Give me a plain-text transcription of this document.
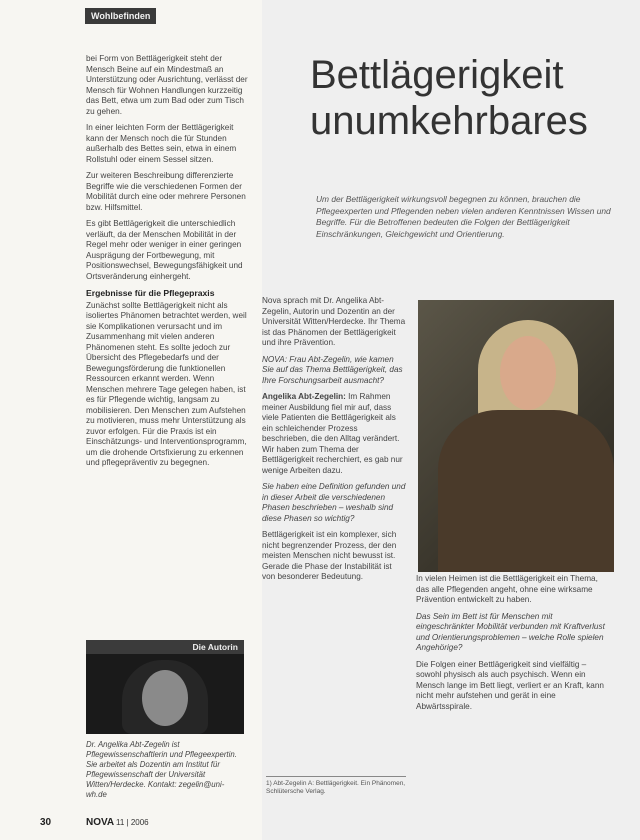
Wohlbefinden

bei Form von Bettlägerigkeit steht der Mensch Beine auf ein Mindestmaß an Unterstützung oder Ausrichtung, verlässt der Mensch für Wohnen Handlungen kurzzeitig das Bett, etwa um zum Bad oder zum Tisch zu gehen.

In einer leichten Form der Bettlägerigkeit kann der Mensch noch die für Stunden außerhalb des Bettes sein, etwa in einem Rollstuhl oder einem Sessel sitzen.

Zur weiteren Beschreibung differenzierte Begriffe wie die verschiedenen Formen der Mobilität durch eine oder mehrere Personen bzw. Hilfsmittel.

Es gibt Bettlägerigkeit die unterschiedlich verläuft, da der Menschen Mobilität in der Regel mehr oder weniger in einer geringen Ausprägung der Fortbewegung, mit Positionswechsel, Bewegungsfähigkeit und Ortsveränderung einhergeht.

Ergebnisse für die Pflegepraxis

Zunächst sollte Bettlägerigkeit nicht als isoliertes Phänomen betrachtet werden, weil sie Komplikationen verursacht und im Zusammenhang mit vielen anderen Phänomenen steht. Es sollte jedoch zur Übersicht des Pflegebedarfs und der Bewegungsförderung die funktionellen Ressourcen erkannt werden. Wenn Menschen mehrere Tage gelegen haben, ist es für Pflegende wichtig, langsam zu mobilisieren. Den Menschen zum Aufstehen zu motivieren, muss mehr Unterstützung als zuvor erfolgen. Für die Praxis ist ein Einschätzungs- und Interventionsprogramm, um die drohende Ortsfixierung zu erkennen und pflegepräventiv zu begegnen.

Die Autorin
Dr. Angelika Abt-Zegelin ist Pflegewissenschaftlerin und Pflegeexpertin. Sie arbeitet als Dozentin am Institut für Pflegewissenschaft der Universität Witten/Herdecke. Kontakt: zegelin@uni-wh.de
Bettlägerigkeit
unumkehrbares
Um der Bettlägerigkeit wirkungsvoll begegnen zu können, brauchen die Pflegeexperten und Pflegenden neben vielen anderen Kenntnissen Wissen und Begriffe. Für die Betroffenen bedeuten die Folgen der Bettlägerigkeit Einschränkungen, Gleichgewicht und Orientierung.

Nova sprach mit Dr. Angelika Abt-Zegelin, Autorin und Dozentin an der Universität Witten/Herdecke. Ihr Thema ist das Phänomen der Bettlägerigkeit und ihre Prävention.

NOVA: Frau Abt-Zegelin, wie kamen Sie auf das Thema Bettlägerigkeit, das Ihre Forschungsarbeit ausmacht?

Angelika Abt-Zegelin: Im Rahmen meiner Ausbildung fiel mir auf, dass viele Patienten die Bettlägerigkeit als ein schleichender Prozess beschrieben, die den Alltag verändert. Wir haben zum Thema der Bettlägerigkeit recherchiert, es gab nur wenige Arbeiten dazu.

Sie haben eine Definition gefunden und in dieser Arbeit die verschiedenen Phasen beschrieben – weshalb sind diese Phasen so wichtig?

Bettlägerigkeit ist ein komplexer, sich nicht begrenzender Prozess, der den meisten Menschen nicht bewusst ist. Gerade die Phase der Instabilität ist von besonderer Bedeutung.	In vielen Heimen ist die Bettlägerigkeit ein Thema, das alle Pflegenden angeht, ohne eine wirksame Prävention entwickelt zu haben.

Das Sein im Bett ist für Menschen mit eingeschränkter Mobilität verbunden mit Kraftverlust und Orientierungsproblemen – welche Rolle spielen Angehörige?

Die Folgen einer Bettlägerigkeit sind vielfältig – sowohl physisch als auch psychisch. Wenn ein Mensch lange im Bett liegt, verliert er an Kraft, kann nicht mehr aufstehen und gerät in eine Abwärtsspirale.

1) Abt-Zegelin A: Bettlägerigkeit. Ein Phänomen, Schlütersche Verlag.
30	NOVA 11 | 2006
